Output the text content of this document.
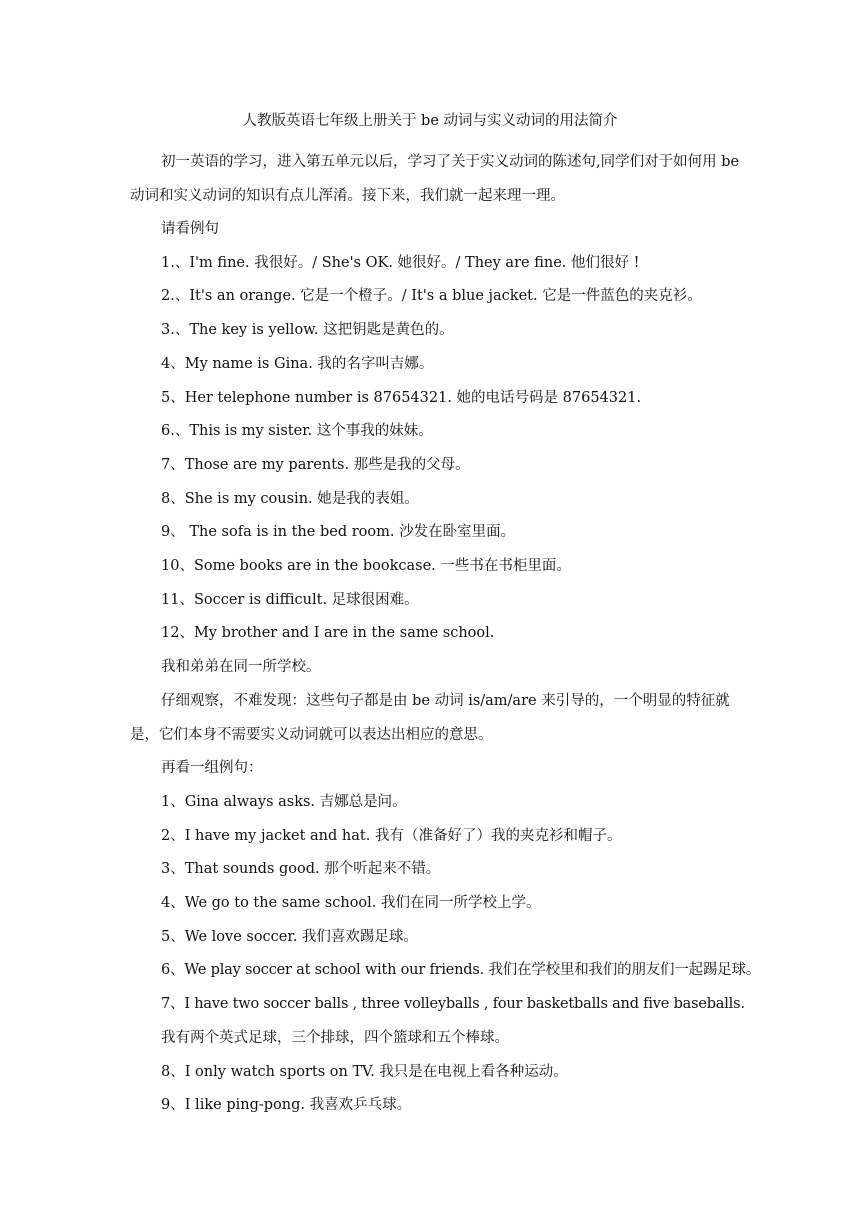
人教版英语七年级上册关于 be 动词与实义动词的用法简介

初一英语的学习，进入第五单元以后，学习了关于实义动词的陈述句,同学们对于如何用 be 动词和实义动词的知识有点儿浑淆。接下来，我们就一起来理一理。

请看例句

1.、I'm fine. 我很好。/ She's OK. 她很好。/ They are fine. 他们很好 !

2.、It's an orange. 它是一个橙子。/ It's a blue jacket. 它是一件蓝色的夹克衫。

3.、The key is yellow. 这把钥匙是黄色的。

4、My name is Gina. 我的名字叫吉娜。

5、Her telephone number is 87654321. 她的电话号码是 87654321.

6.、This is my sister. 这个事我的妹妹。

7、Those are my parents. 那些是我的父母。

8、She is my cousin. 她是我的表姐。

9、 The sofa is in the bed room. 沙发在卧室里面。

10、Some books are in the bookcase. 一些书在书柜里面。

11、Soccer is difficult. 足球很困难。

12、My brother and I are in the same school.

我和弟弟在同一所学校。

仔细观察，不难发现：这些句子都是由 be 动词 is/am/are 来引导的，一个明显的特征就是，它们本身不需要实义动词就可以表达出相应的意思。

再看一组例句：

1、Gina always asks. 吉娜总是问。

2、I have my jacket and hat. 我有（准备好了）我的夹克衫和帽子。

3、That sounds good. 那个听起来不错。

4、We go to the same school. 我们在同一所学校上学。

5、We love soccer. 我们喜欢踢足球。

6、We play soccer at school with our friends. 我们在学校里和我们的朋友们一起踢足球。

7、I have two soccer balls , three volleyballs , four basketballs and five baseballs.

我有两个英式足球，三个排球，四个篮球和五个棒球。

8、I only watch sports on TV. 我只是在电视上看各种运动。

9、I like ping-pong. 我喜欢乒乓球。
